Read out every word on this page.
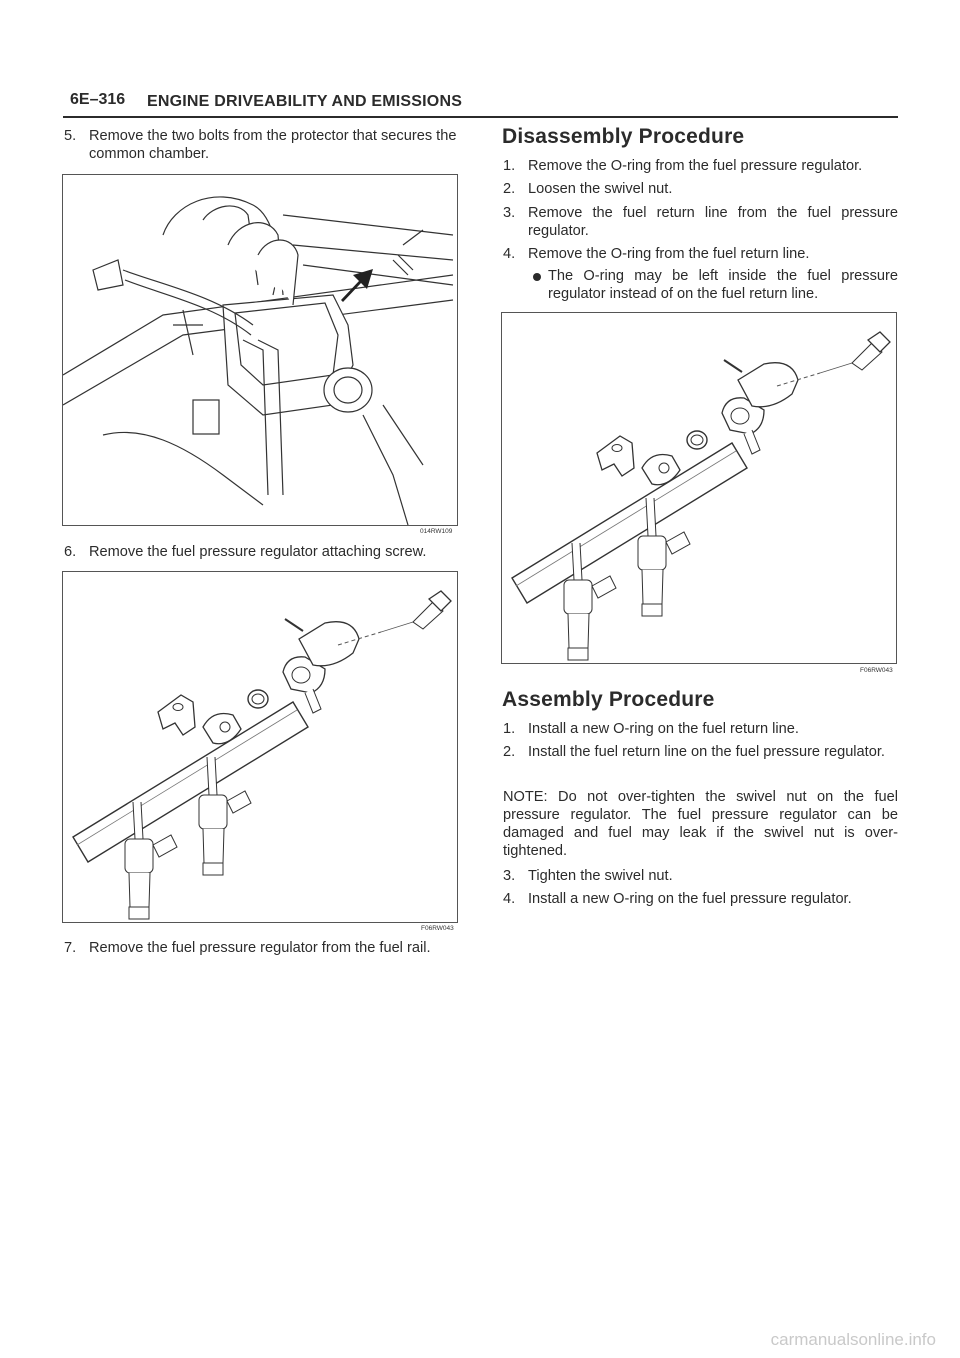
6E–316 ENGINE DRIVEABILITY AND EMISSIONS
5. Remove the two bolts from the protector that secures the common chamber.
014RW109
6. Remove the fuel pressure regulator attaching screw.
F06RW043
7. Remove the fuel pressure regulator from the fuel rail.
Disassembly Procedure
1. Remove the O-ring from the fuel pressure regulator.
2. Loosen the swivel nut.
3. Remove the fuel return line from the fuel pressure regulator.
4. Remove the O-ring from the fuel return line.
The O-ring may be left inside the fuel pressure regulator instead of on the fuel return line.
F06RW043
Assembly Procedure
1. Install a new O-ring on the fuel return line.
2. Install the fuel return line on the fuel pressure regulator.
NOTE: Do not over-tighten the swivel nut on the fuel pressure regulator. The fuel pressure regulator can be damaged and fuel may leak if the swivel nut is over-tightened.
3. Tighten the swivel nut.
4. Install a new O-ring on the fuel pressure regulator.
carmanualsonline.info
